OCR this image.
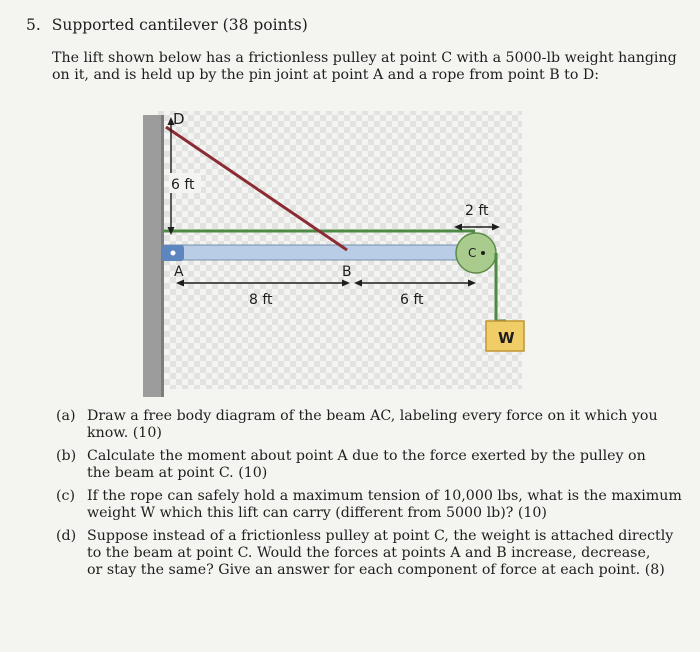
5. Supported cantilever (38 points)
The lift shown below has a frictionless pulley at point C with a 5000-lb weight hanging
on it, and is held up by the pin joint at point A and a rope from point B to D:
D
6 ft
2 ft
A	B
C
8 ft	6 ft
W
(a) Draw a free body diagram of the beam AC, labeling every force on it which you
know. (10)
(b) Calculate the moment about point A due to the force exerted by the pulley on
the beam at point C. (10)
(c) If the rope can safely hold a maximum tension of 10,000 lbs, what is the maximum
weight W which this lift can carry (different from 5000 lb)? (10)
(d) Suppose instead of a frictionless pulley at point C, the weight is attached directly
to the beam at point C. Would the forces at points A and B increase, decrease,
or stay the same? Give an answer for each component of force at each point. (8)
